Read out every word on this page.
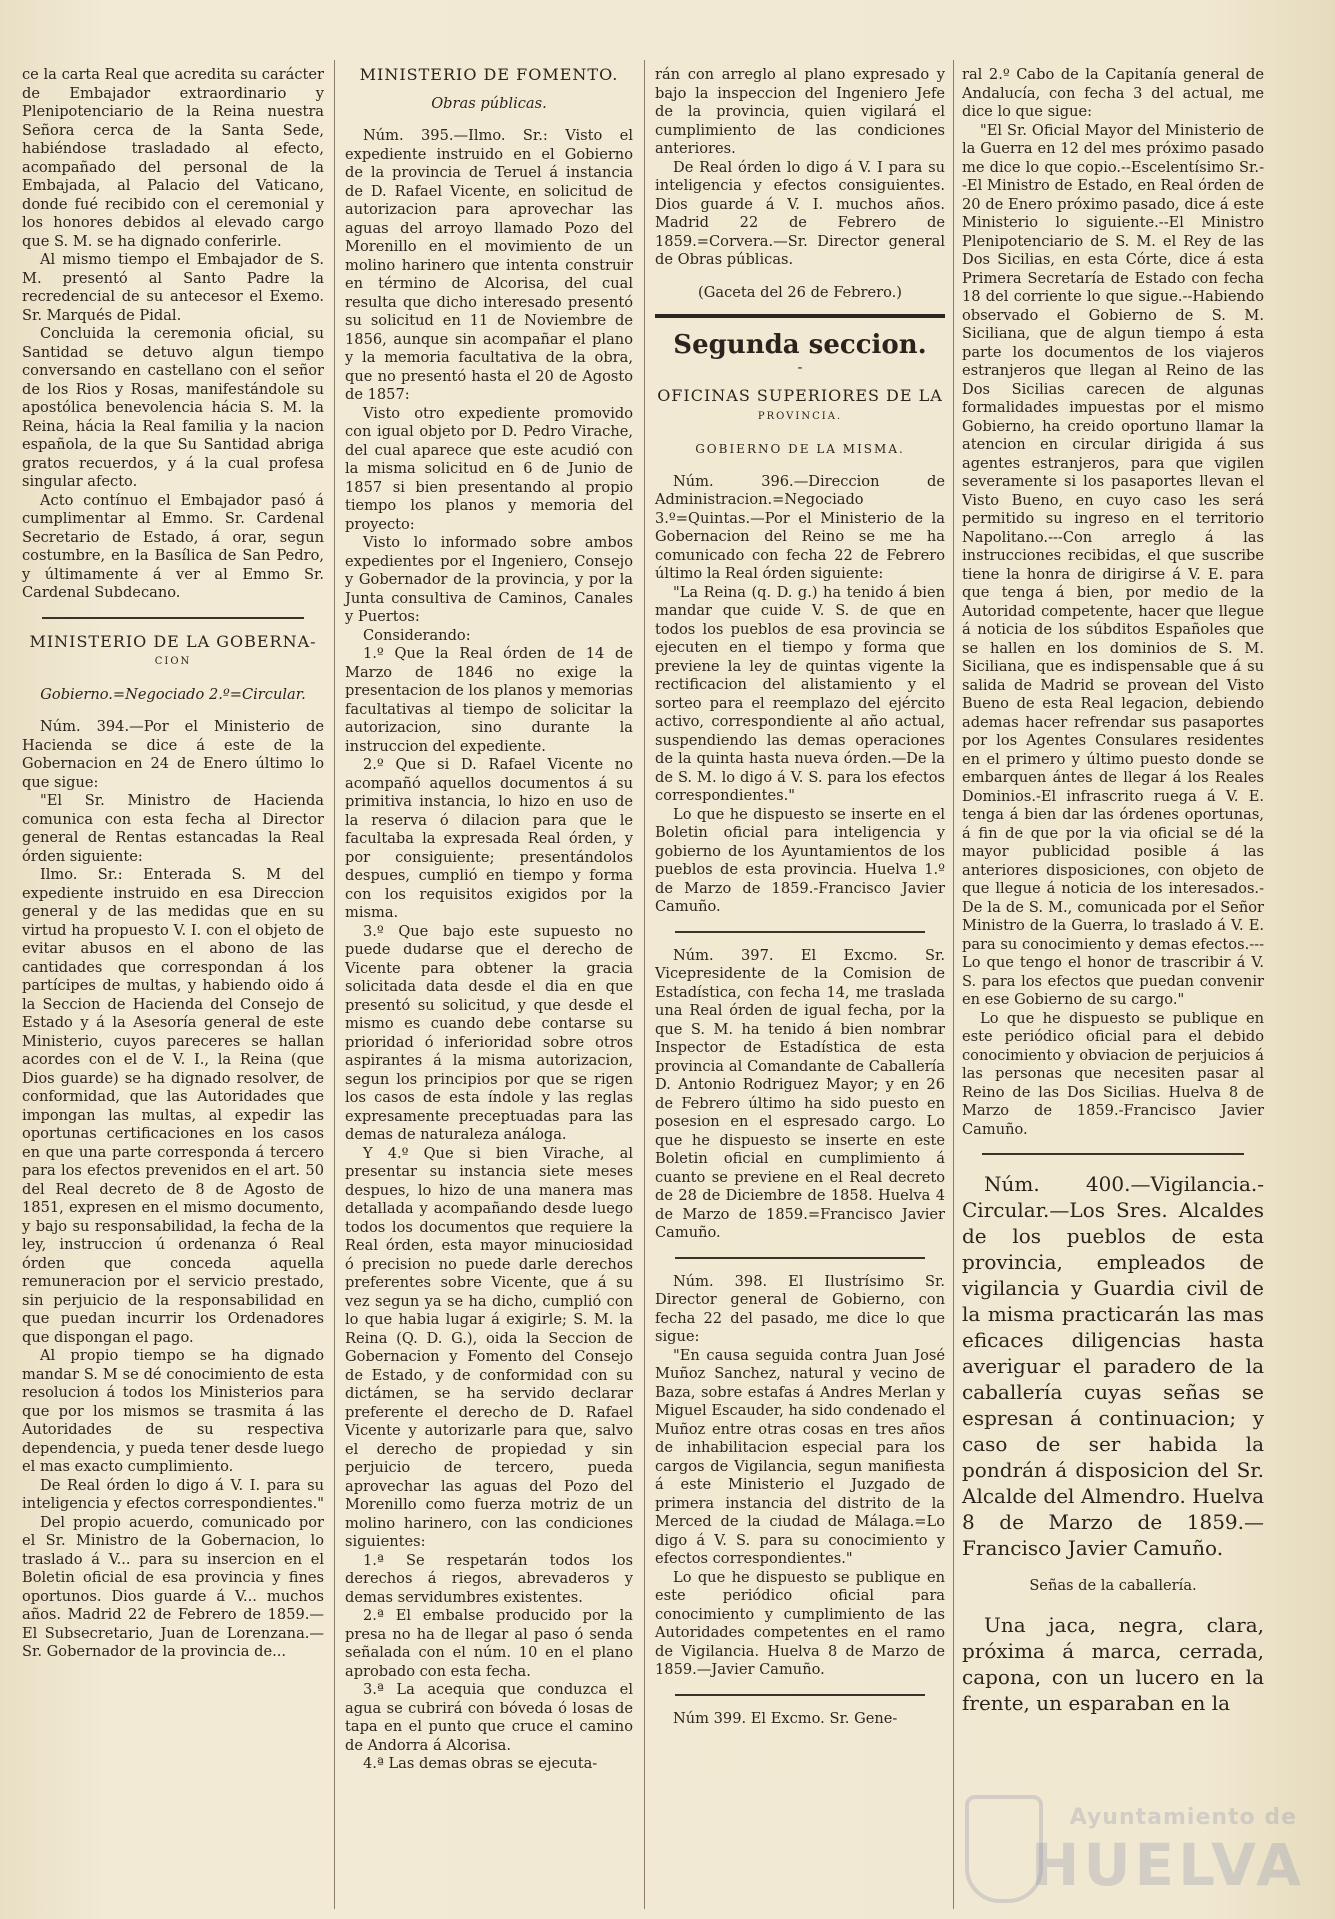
ce la carta Real que acredita su carácter de Embajador extraordinario y Plenipotenciario de la Reina nuestra Señora cerca de la Santa Sede, habiéndose trasladado al efecto, acompañado del personal de la Embajada, al Palacio del Vaticano, donde fué recibido con el ceremonial y los honores debidos al elevado cargo que S. M. se ha dignado conferirle.

Al mismo tiempo el Embajador de S. M. presentó al Santo Padre la recredencial de su antecesor el Exemo. Sr. Marqués de Pidal.

Concluida la ceremonia oficial, su Santidad se detuvo algun tiempo conversando en castellano con el señor de los Rios y Rosas, manifestándole su apostólica benevolencia hácia S. M. la Reina, hácia la Real familia y la nacion española, de la que Su Santidad abriga gratos recuerdos, y á la cual profesa singular afecto.

Acto contínuo el Embajador pasó á cumplimentar al Emmo. Sr. Cardenal Secretario de Estado, á orar, segun costumbre, en la Basílica de San Pedro, y últimamente á ver al Emmo Sr. Cardenal Subdecano.

MINISTERIO DE LA GOBERNA-
CION
Gobierno.=Negociado 2.º=Circular.

Núm. 394.—Por el Ministerio de Hacienda se dice á este de la Gobernacion en 24 de Enero último lo que sigue:

"El Sr. Ministro de Hacienda comunica con esta fecha al Director general de Rentas estancadas la Real órden siguiente:

Ilmo. Sr.: Enterada S. M del expediente instruido en esa Direccion general y de las medidas que en su virtud ha propuesto V. I. con el objeto de evitar abusos en el abono de las cantidades que correspondan á los partícipes de multas, y habiendo oido á la Seccion de Hacienda del Consejo de Estado y á la Asesoría general de este Ministerio, cuyos pareceres se hallan acordes con el de V. I., la Reina (que Dios guarde) se ha dignado resolver, de conformidad, que las Autoridades que impongan las multas, al expedir las oportunas certificaciones en los casos en que una parte corresponda á tercero para los efectos prevenidos en el art. 50 del Real decreto de 8 de Agosto de 1851, expresen en el mismo documento, y bajo su responsabilidad, la fecha de la ley, instruccion ú ordenanza ó Real órden que conceda aquella remuneracion por el servicio prestado, sin perjuicio de la responsabilidad en que puedan incurrir los Ordenadores que dispongan el pago.

Al propio tiempo se ha dignado mandar S. M se dé conocimiento de esta resolucion á todos los Ministerios para que por los mismos se trasmita á las Autoridades de su respectiva dependencia, y pueda tener desde luego el mas exacto cumplimiento.

De Real órden lo digo á V. I. para su inteligencia y efectos correspondientes."

Del propio acuerdo, comunicado por el Sr. Ministro de la Gobernacion, lo traslado á V... para su insercion en el Boletin oficial de esa provincia y fines oportunos. Dios guarde á V... muchos años. Madrid 22 de Febrero de 1859.—El Subsecretario, Juan de Lorenzana.—Sr. Gobernador de la provincia de...

MINISTERIO DE FOMENTO.
Obras públicas.

Núm. 395.—Ilmo. Sr.: Visto el expediente instruido en el Gobierno de la provincia de Teruel á instancia de D. Rafael Vicente, en solicitud de autorizacion para aprovechar las aguas del arroyo llamado Pozo del Morenillo en el movimiento de un molino harinero que intenta construir en término de Alcorisa, del cual resulta que dicho interesado presentó su solicitud en 11 de Noviembre de 1856, aunque sin acompañar el plano y la memoria facultativa de la obra, que no presentó hasta el 20 de Agosto de 1857:

Visto otro expediente promovido con igual objeto por D. Pedro Virache, del cual aparece que este acudió con la misma solicitud en 6 de Junio de 1857 si bien presentando al propio tiempo los planos y memoria del proyecto:

Visto lo informado sobre ambos expedientes por el Ingeniero, Consejo y Gobernador de la provincia, y por la Junta consultiva de Caminos, Canales y Puertos:

Considerando:

1.º Que la Real órden de 14 de Marzo de 1846 no exige la presentacion de los planos y memorias facultativas al tiempo de solicitar la autorizacion, sino durante la instruccion del expediente.

2.º Que si D. Rafael Vicente no acompañó aquellos documentos á su primitiva instancia, lo hizo en uso de la reserva ó dilacion para que le facultaba la expresada Real órden, y por consiguiente; presentándolos despues, cumplió en tiempo y forma con los requisitos exigidos por la misma.

3.º Que bajo este supuesto no puede dudarse que el derecho de Vicente para obtener la gracia solicitada data desde el dia en que presentó su solicitud, y que desde el mismo es cuando debe contarse su prioridad ó inferioridad sobre otros aspirantes á la misma autorizacion, segun los principios por que se rigen los casos de esta índole y las reglas expresamente preceptuadas para las demas de naturaleza análoga.

Y 4.º Que si bien Virache, al presentar su instancia siete meses despues, lo hizo de una manera mas detallada y acompañando desde luego todos los documentos que requiere la Real órden, esta mayor minuciosidad ó precision no puede darle derechos preferentes sobre Vicente, que á su vez segun ya se ha dicho, cumplió con lo que habia lugar á exigirle; S. M. la Reina (Q. D. G.), oida la Seccion de Gobernacion y Fomento del Consejo de Estado, y de conformidad con su dictámen, se ha servido declarar preferente el derecho de D. Rafael Vicente y autorizarle para que, salvo el derecho de propiedad y sin perjuicio de tercero, pueda aprovechar las aguas del Pozo del Morenillo como fuerza motriz de un molino harinero, con las condiciones siguientes:

1.ª Se respetarán todos los derechos á riegos, abrevaderos y demas servidumbres existentes.

2.ª El embalse producido por la presa no ha de llegar al paso ó senda señalada con el núm. 10 en el plano aprobado con esta fecha.

3.ª La acequia que conduzca el agua se cubrirá con bóveda ó losas de tapa en el punto que cruce el camino de Andorra á Alcorisa.

4.ª Las demas obras se ejecuta-

rán con arreglo al plano expresado y bajo la inspeccion del Ingeniero Jefe de la provincia, quien vigilará el cumplimiento de las condiciones anteriores.

De Real órden lo digo á V. I para su inteligencia y efectos consiguientes. Dios guarde á V. I. muchos años. Madrid 22 de Febrero de 1859.=Corvera.—Sr. Director general de Obras públicas.

(Gaceta del 26 de Febrero.)
Segunda seccion.
-
OFICINAS SUPERIORES DE LA
PROVINCIA.
GOBIERNO DE LA MISMA.

Núm. 396.—Direccion de Administracion.=Negociado 3.º=Quintas.—Por el Ministerio de la Gobernacion del Reino se me ha comunicado con fecha 22 de Febrero último la Real órden siguiente:

"La Reina (q. D. g.) ha tenido á bien mandar que cuide V. S. de que en todos los pueblos de esa provincia se ejecuten en el tiempo y forma que previene la ley de quintas vigente la rectificacion del alistamiento y el sorteo para el reemplazo del ejército activo, correspondiente al año actual, suspendiendo las demas operaciones de la quinta hasta nueva órden.—De la de S. M. lo digo á V. S. para los efectos correspondientes."

Lo que he dispuesto se inserte en el Boletin oficial para inteligencia y gobierno de los Ayuntamientos de los pueblos de esta provincia. Huelva 1.º de Marzo de 1859.-Francisco Javier Camuño.

Núm. 397. El Excmo. Sr. Vicepresidente de la Comision de Estadística, con fecha 14, me traslada una Real órden de igual fecha, por la que S. M. ha tenido á bien nombrar Inspector de Estadística de esta provincia al Comandante de Caballería D. Antonio Rodriguez Mayor; y en 26 de Febrero último ha sido puesto en posesion en el espresado cargo. Lo que he dispuesto se inserte en este Boletin oficial en cumplimiento á cuanto se previene en el Real decreto de 28 de Diciembre de 1858. Huelva 4 de Marzo de 1859.=Francisco Javier Camuño.

Núm. 398. El Ilustrísimo Sr. Director general de Gobierno, con fecha 22 del pasado, me dice lo que sigue:

"En causa seguida contra Juan José Muñoz Sanchez, natural y vecino de Baza, sobre estafas á Andres Merlan y Miguel Escauder, ha sido condenado el Muñoz entre otras cosas en tres años de inhabilitacion especial para los cargos de Vigilancia, segun manifiesta á este Ministerio el Juzgado de primera instancia del distrito de la Merced de la ciudad de Málaga.=Lo digo á V. S. para su conocimiento y efectos correspondientes."

Lo que he dispuesto se publique en este periódico oficial para conocimiento y cumplimiento de las Autoridades competentes en el ramo de Vigilancia. Huelva 8 de Marzo de 1859.—Javier Camuño.

Núm 399. El Excmo. Sr. Gene-

ral 2.º Cabo de la Capitanía general de Andalucía, con fecha 3 del actual, me dice lo que sigue:

"El Sr. Oficial Mayor del Ministerio de la Guerra en 12 del mes próximo pasado me dice lo que copio.--Escelentísimo Sr.--El Ministro de Estado, en Real órden de 20 de Enero próximo pasado, dice á este Ministerio lo siguiente.--El Ministro Plenipotenciario de S. M. el Rey de las Dos Sicilias, en esta Córte, dice á esta Primera Secretaría de Estado con fecha 18 del corriente lo que sigue.--Habiendo observado el Gobierno de S. M. Siciliana, que de algun tiempo á esta parte los documentos de los viajeros estranjeros que llegan al Reino de las Dos Sicilias carecen de algunas formalidades impuestas por el mismo Gobierno, ha creido oportuno llamar la atencion en circular dirigida á sus agentes estranjeros, para que vigilen severamente si los pasaportes llevan el Visto Bueno, en cuyo caso les será permitido su ingreso en el territorio Napolitano.---Con arreglo á las instrucciones recibidas, el que suscribe tiene la honra de dirigirse á V. E. para que tenga á bien, por medio de la Autoridad competente, hacer que llegue á noticia de los súbditos Españoles que se hallen en los dominios de S. M. Siciliana, que es indispensable que á su salida de Madrid se provean del Visto Bueno de esta Real legacion, debiendo ademas hacer refrendar sus pasaportes por los Agentes Consulares residentes en el primero y último puesto donde se embarquen ántes de llegar á los Reales Dominios.-El infrascrito ruega á V. E. tenga á bien dar las órdenes oportunas, á fin de que por la via oficial se dé la mayor publicidad posible á las anteriores disposiciones, con objeto de que llegue á noticia de los interesados.-De la de S. M., comunicada por el Señor Ministro de la Guerra, lo traslado á V. E. para su conocimiento y demas efectos.---Lo que tengo el honor de trascribir á V. S. para los efectos que puedan convenir en ese Gobierno de su cargo."

Lo que he dispuesto se publique en este periódico oficial para el debido conocimiento y obviacion de perjuicios á las personas que necesiten pasar al Reino de las Dos Sicilias. Huelva 8 de Marzo de 1859.-Francisco Javier Camuño.

Núm. 400.—Vigilancia.-Circular.—Los Sres. Alcaldes de los pueblos de esta provincia, empleados de vigilancia y Guardia civil de la misma practicarán las mas eficaces diligencias hasta averiguar el paradero de la caballería cuyas señas se espresan á continuacion; y caso de ser habida la pondrán á disposicion del Sr. Alcalde del Almendro. Huelva 8 de Marzo de 1859.—Francisco Javier Camuño.

Señas de la caballería.

Una jaca, negra, clara, próxima á marca, cerrada, capona, con un lucero en la frente, un esparaban en la

Ayuntamiento de
HUELVA
